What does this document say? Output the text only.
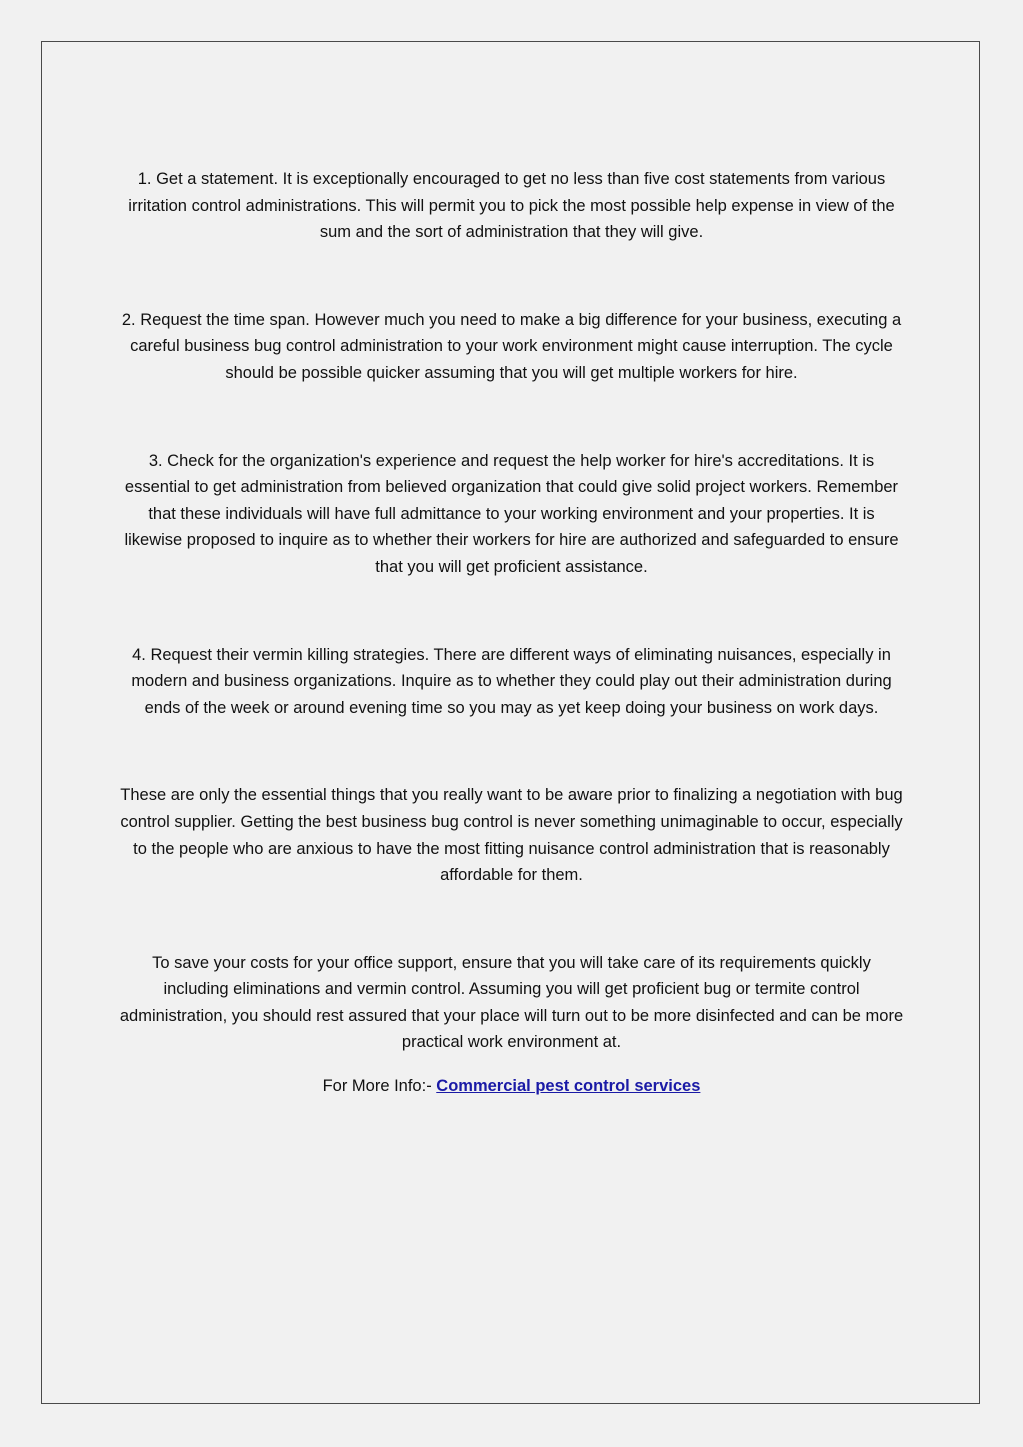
1. Get a statement. It is exceptionally encouraged to get no less than five cost statements from various irritation control administrations. This will permit you to pick the most possible help expense in view of the sum and the sort of administration that they will give.

2. Request the time span. However much you need to make a big difference for your business, executing a careful business bug control administration to your work environment might cause interruption. The cycle should be possible quicker assuming that you will get multiple workers for hire.

3. Check for the organization's experience and request the help worker for hire's accreditations. It is essential to get administration from believed organization that could give solid project workers. Remember that these individuals will have full admittance to your working environment and your properties. It is likewise proposed to inquire as to whether their workers for hire are authorized and safeguarded to ensure that you will get proficient assistance.

4. Request their vermin killing strategies. There are different ways of eliminating nuisances, especially in modern and business organizations. Inquire as to whether they could play out their administration during ends of the week or around evening time so you may as yet keep doing your business on work days.

These are only the essential things that you really want to be aware prior to finalizing a negotiation with bug control supplier. Getting the best business bug control is never something unimaginable to occur, especially to the people who are anxious to have the most fitting nuisance control administration that is reasonably affordable for them.

To save your costs for your office support, ensure that you will take care of its requirements quickly including eliminations and vermin control. Assuming you will get proficient bug or termite control administration, you should rest assured that your place will turn out to be more disinfected and can be more practical work environment at.

For More Info:- Commercial pest control services
